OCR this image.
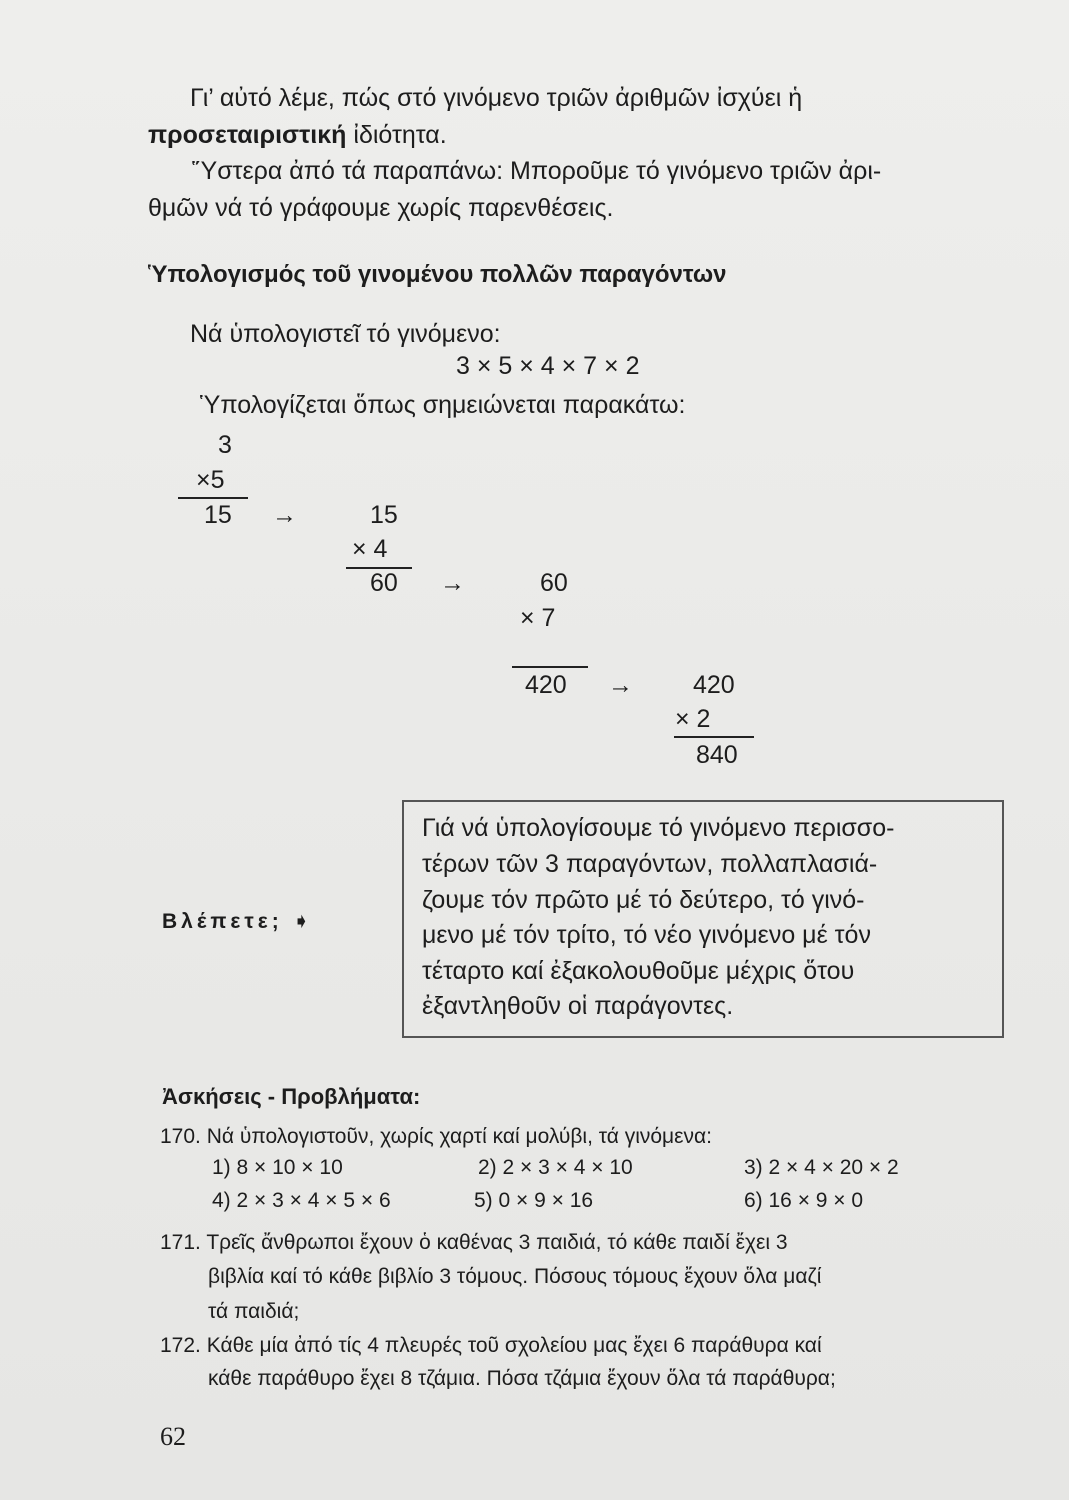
Γι’ αὐτό λέμε, πώς στό γινόμενο τριῶν ἀριθμῶν ἰσχύει ἡ
προσεταιριστική ἰδιότητα.
Ὕστερα ἀπό τά παραπάνω: Μποροῦμε τό γινόμενο τριῶν ἀρι-
θμῶν νά τό γράφουμε χωρίς παρενθέσεις.
Ὑπολογισμός τοῦ γινομένου πολλῶν παραγόντων
Νά ὑπολογιστεῖ τό γινόμενο:
3 × 5 × 4 × 7 × 2
Ὑπολογίζεται ὅπως σημειώνεται παρακάτω:
3
×5
15 →	15
× 4
60 →	60
× 7
420 → 420
× 2
840
Βλέπετε; ➧
Γιά νά ὑπολογίσουμε τό γινόμενο περισσο-
τέρων τῶν 3 παραγόντων, πολλαπλασιά-
ζουμε τόν πρῶτο μέ τό δεύτερο, τό γινό-
μενο μέ τόν τρίτο, τό νέο γινόμενο μέ τόν
τέταρτο καί ἐξακολουθοῦμε μέχρις ὅτου
ἐξαντληθοῦν οἱ παράγοντες.
Ἀσκήσεις - Προβλήματα:
170. Νά ὑπολογιστοῦν, χωρίς χαρτί καί μολύβι, τά γινόμενα:
1) 8 × 10 × 10	2) 2 × 3 × 4 × 10	3) 2 × 4 × 20 × 2
4) 2 × 3 × 4 × 5 × 6	5) 0 × 9 × 16	6) 16 × 9 × 0
171. Τρεῖς ἄνθρωποι ἔχουν ὁ καθένας 3 παιδιά, τό κάθε παιδί ἔχει 3
βιβλία καί τό κάθε βιβλίο 3 τόμους. Πόσους τόμους ἔχουν ὅλα μαζί
τά παιδιά;
172. Κάθε μία ἀπό τίς 4 πλευρές τοῦ σχολείου μας ἔχει 6 παράθυρα καί
κάθε παράθυρο ἔχει 8 τζάμια. Πόσα τζάμια ἔχουν ὅλα τά παράθυρα;
62
